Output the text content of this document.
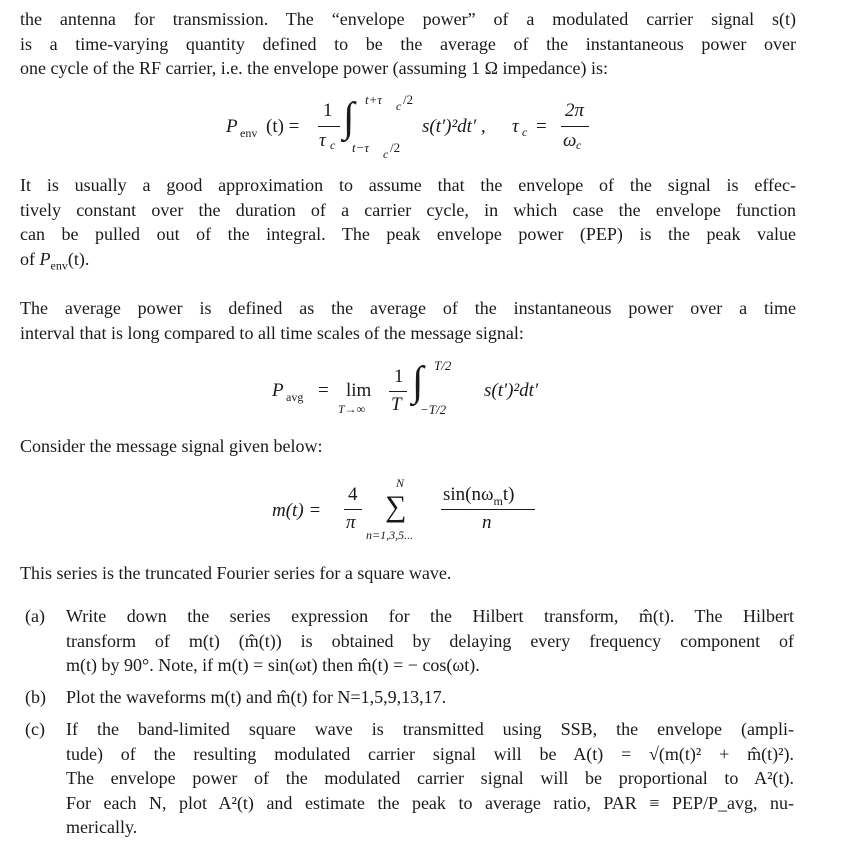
the antenna for transmission. The “envelope power” of a modulated carrier signal s(t)
is a time-varying quantity defined to be the average of the instantaneous power over
one cycle of the RF carrier, i.e. the envelope power (assuming 1 Ω impedance) is:
P env (t) =
1
τ c
∫ t+τ c /2
t−τ c /2
s(t′)²dt′ , τ c =
2π
ω c
It is usually a good approximation to assume that the envelope of the signal is effec-
tively constant over the duration of a carrier cycle, in which case the envelope function
can be pulled out of the integral. The peak envelope power (PEP) is the peak value
of $P_{env}(t)$.
The average power is defined as the average of the instantaneous power over a time
interval that is long compared to all time scales of the message signal:
P avg = lim
T→∞
1
T ∫ T/2
−T/2
s(t′)²dt′
Consider the message signal given below:
m(t) =
4
π
N
∑
n=1,3,5...
$\sin(n\omega_mt)$
n
This series is the truncated Fourier series for a square wave.
(a) Write down the series expression for the Hilbert transform, m̂(t). The Hilbert
transform of m(t) (m̂(t)) is obtained by delaying every frequency component of
m(t) by 90°. Note, if m(t) = sin(ωt) then m̂(t) = − cos(ωt).
(b) Plot the waveforms m(t) and m̂(t) for N=1,5,9,13,17.
(c) If the band-limited square wave is transmitted using SSB, the envelope (ampli-
tude) of the resulting modulated carrier signal will be A(t) = √(m(t)² + m̂(t)²).
The envelope power of the modulated carrier signal will be proportional to A²(t).
For each N, plot A²(t) and estimate the peak to average ratio, PAR ≡ PEP/P_avg, nu-
merically.
